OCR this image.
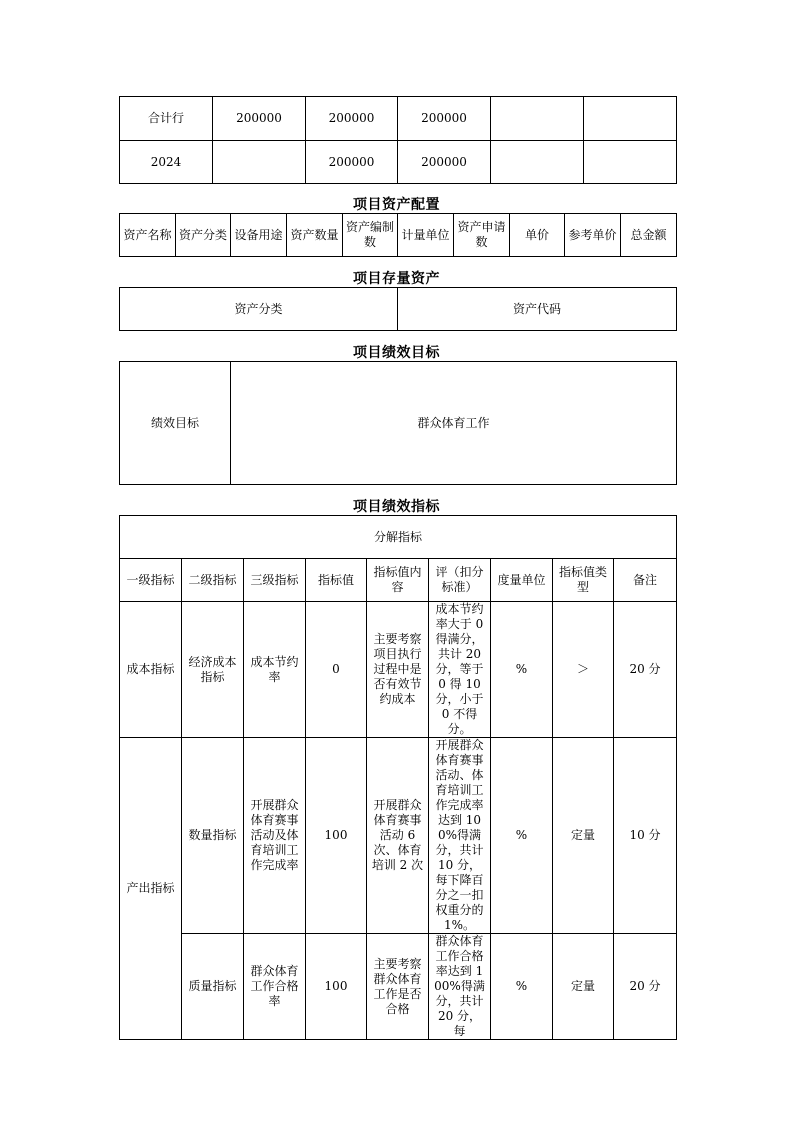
合计行	200000	200000	200000		
2024		200000	200000		
项目资产配置
资产名称	资产分类	设备用途	资产数量	资产编制数	计量单位	资产申请数	单价	参考单价	总金额
项目存量资产
资产分类	资产代码
项目绩效目标
绩效目标	群众体育工作
项目绩效指标
分解指标								
一级指标	二级指标	三级指标	指标值	指标值内容	评（扣分标准）	度量单位	指标值类型	备注
成本指标	经济成本指标	成本节约率	0	主要考察项目执行过程中是否有效节约成本	成本节约率大于 0 得满分，共计 20 分，等于 0 得 10 分，小于 0 不得分。	%	＞	20 分
产出指标	数量指标	开展群众体育赛事活动及体育培训工作完成率	100	开展群众体育赛事活动 6 次、体育培训 2 次	开展群众体育赛事活动、体育培训工作完成率达到 100%得满分，共计 10 分，每下降百分之一扣权重分的 1%。	%	定量	10 分
	质量指标	群众体育工作合格率	100	主要考察群众体育工作是否合格	群众体育工作合格率达到 100%得满分，共计 20 分，每	%	定量	20 分
